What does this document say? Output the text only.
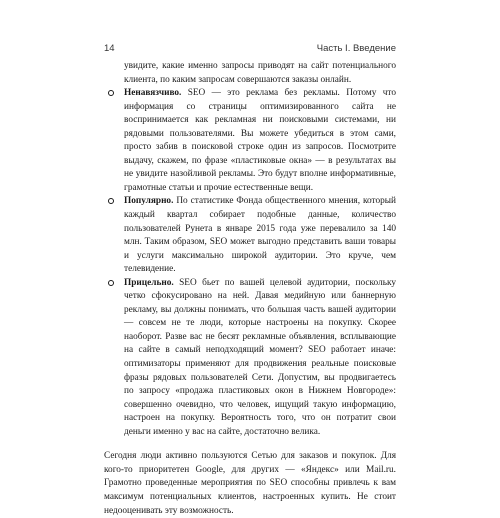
14	Часть I. Введение

увидите, какие именно запросы приводят на сайт потенциального клиента, по каким запросам совершаются заказы онлайн.

Ненавязчиво. SEO — это реклама без рекламы. Потому что информация со страницы оптимизированного сайта не воспринимается как рекламная ни поисковыми системами, ни рядовыми пользователями. Вы можете убедиться в этом сами, просто забив в поисковой строке один из запросов. Посмотрите выдачу, скажем, по фразе «пластиковые окна» — в результатах вы не увидите назойливой рекламы. Это будут вполне информативные, грамотные статьи и прочие естественные вещи.

Популярно. По статистике Фонда общественного мнения, который каждый квартал собирает подобные данные, количество пользователей Рунета в январе 2015 года уже перевалило за 140 млн. Таким образом, SEO может выгодно представить ваши товары и услуги максимально широкой аудитории. Это круче, чем телевидение.

Прицельно. SEO бьет по вашей целевой аудитории, поскольку четко сфокусировано на ней. Давая медийную или баннерную рекламу, вы должны понимать, что большая часть вашей аудитории — совсем не те люди, которые настроены на покупку. Скорее наоборот. Разве вас не бесят рекламные объявления, всплывающие на сайте в самый неподходящий момент? SEO работает иначе: оптимизаторы применяют для продвижения реальные поисковые фразы рядовых пользователей Сети. Допустим, вы продвигаетесь по запросу «продажа пластиковых окон в Нижнем Новгороде»: совершенно очевидно, что человек, ищущий такую информацию, настроен на покупку. Вероятность того, что он потратит свои деньги именно у вас на сайте, достаточно велика.

Сегодня люди активно пользуются Сетью для заказов и покупок. Для кого-то приоритетен Google, для других — «Яндекс» или Mail.ru. Грамотно проведенные мероприятия по SEO способны привлечь к вам максимум потенциальных клиентов, настроенных купить. Не стоит недооценивать эту возможность.
